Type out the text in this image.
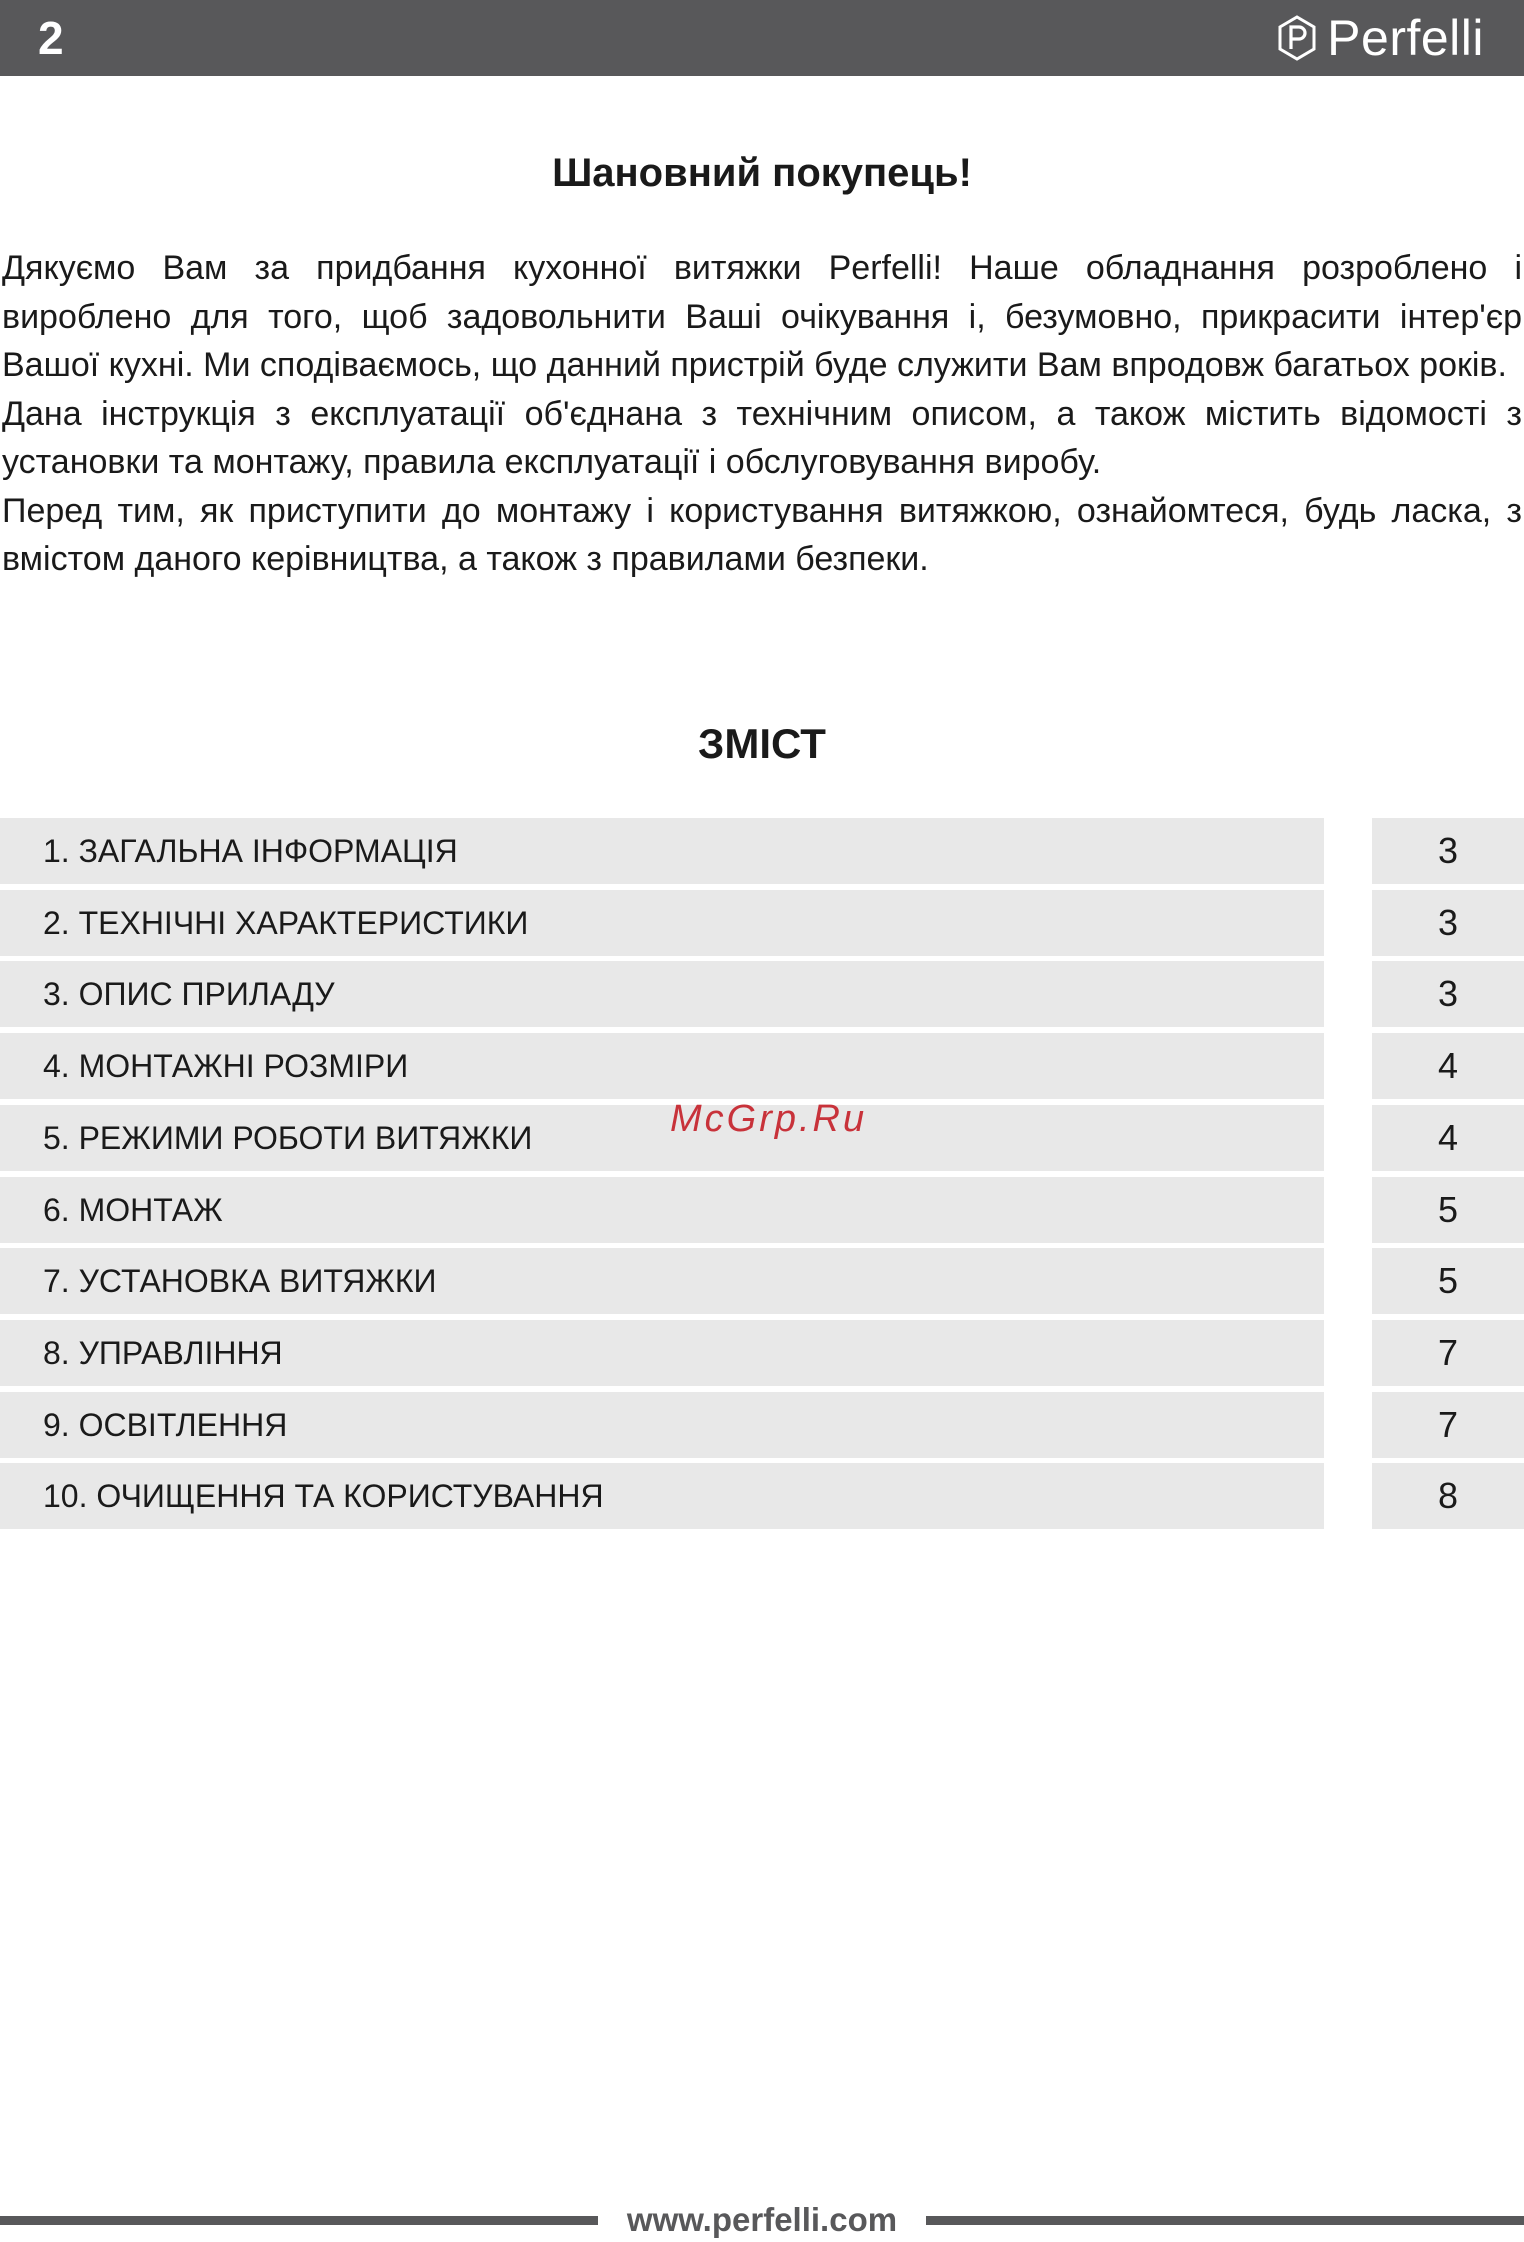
2	Perfelli
Шановний покупець!

Дякуємо Вам за придбання кухонної витяжки Perfelli! Наше обладнання розроблено і вироблено для того, щоб задовольнити Ваші очікування і, безумовно, прикрасити інтер'єр Вашої кухні. Ми сподіваємось, що данний пристрій буде служити Вам впродовж багатьох років.

Дана інструкція з експлуатації об'єднана з технічним описом, а також містить відомості з установки та монтажу, правила експлуатації і обслуговування виробу.

Перед тим, як приступити до монтажу і користування витяжкою, ознайомтеся, будь ласка, з вмістом даного керівництва, а також з правилами безпеки.

ЗМІСТ
1. ЗАГАЛЬНА ІНФОРМАЦІЯ	3
2. ТЕХНІЧНІ ХАРАКТЕРИСТИКИ	3
3. ОПИС ПРИЛАДУ	3
4. МОНТАЖНІ РОЗМІРИ	4
5. РЕЖИМИ РОБОТИ ВИТЯЖКИ	4
6. МОНТАЖ	5
7. УСТАНОВКА ВИТЯЖКИ	5
8. УПРАВЛІННЯ	7
9. ОСВІТЛЕННЯ	7
10. ОЧИЩЕННЯ ТА КОРИСТУВАННЯ	8
McGrp.Ru
www.perfelli.com
